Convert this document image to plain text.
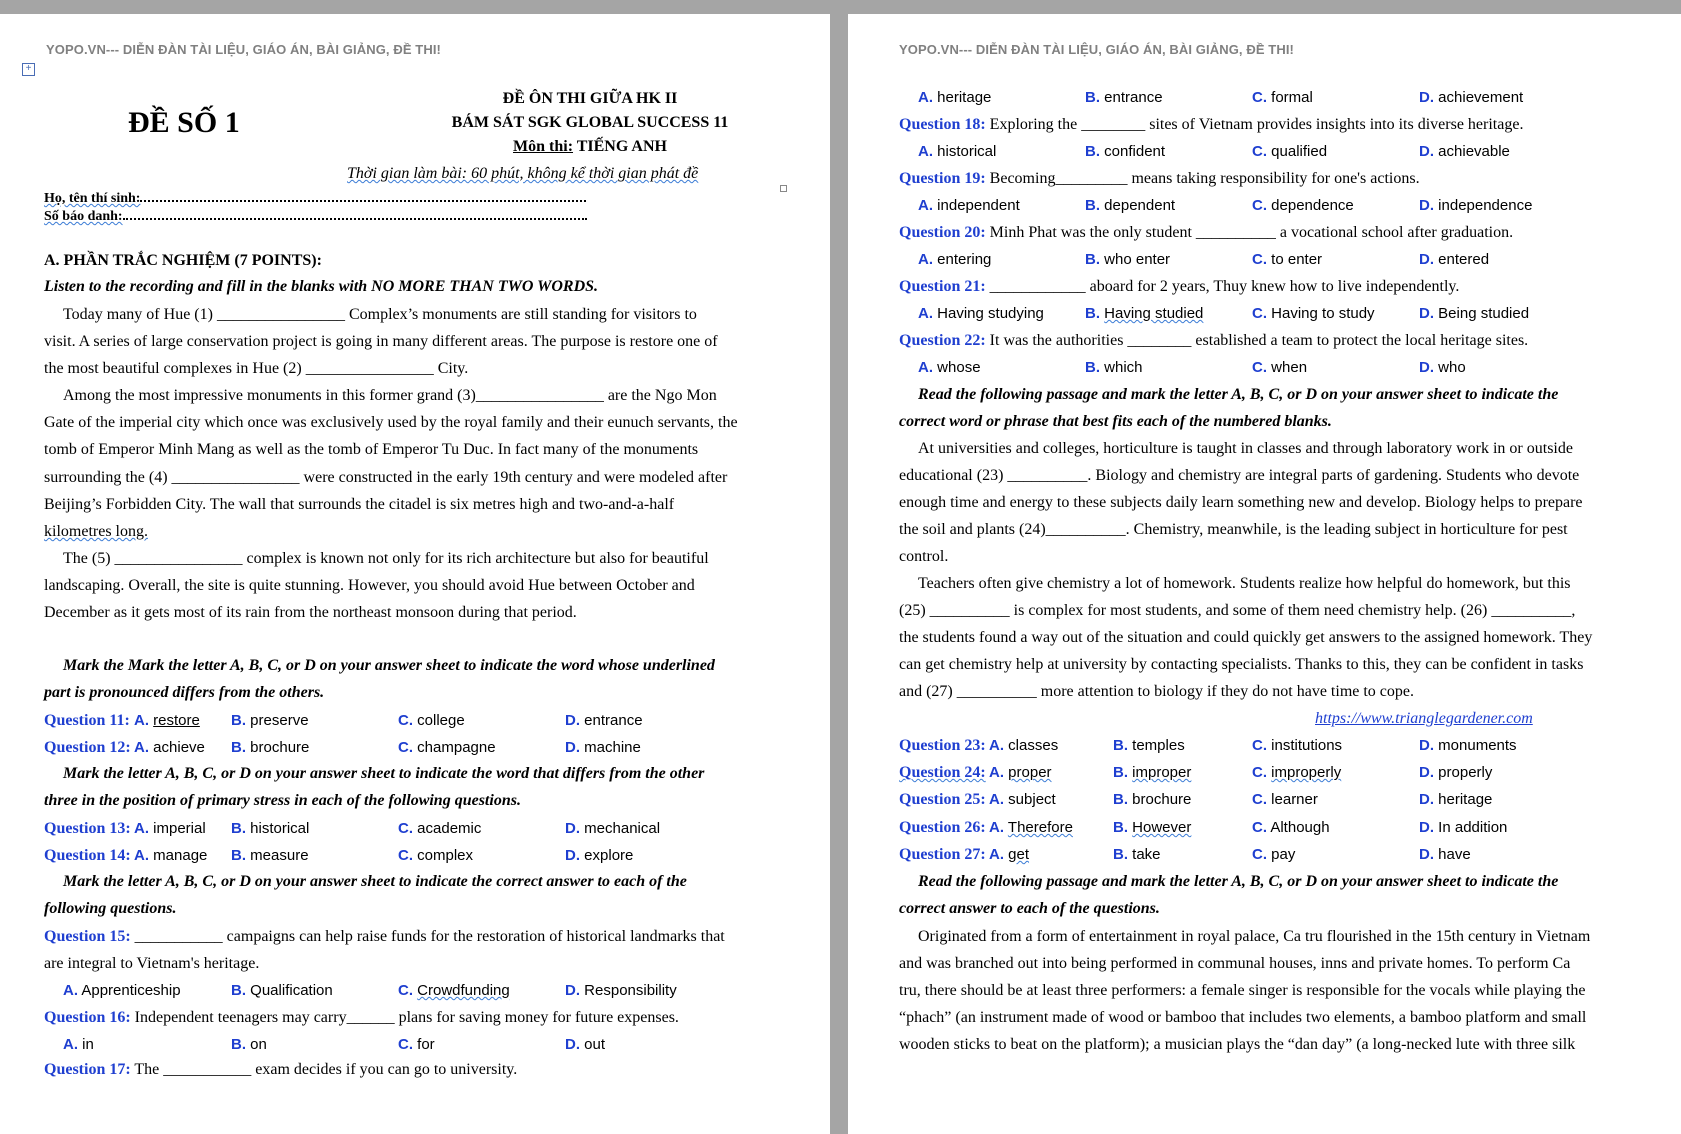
YOPO.VN--- DIỄN ĐÀN TÀI LIỆU, GIÁO ÁN, BÀI GIẢNG, ĐỀ THI!
+
ĐỀ SỐ 1
ĐỀ ÔN THI GIỮA HK II
BÁM SÁT SGK GLOBAL SUCCESS 11
Môn thi: TIẾNG ANH
Thời gian làm bài: 60 phút, không kể thời gian phát đề
Họ, tên thí sinh:
Số báo danh:
A. PHẦN TRẮC NGHIỆM (7 POINTS):
Listen to the recording and fill in the blanks with NO MORE THAN TWO WORDS.
Today many of Hue (1) ________________ Complex’s monuments are still standing for visitors to
visit. A series of large conservation project is going in many different areas. The purpose is restore one of
the most beautiful complexes in Hue (2) ________________ City.
Among the most impressive monuments in this former grand (3)________________ are the Ngo Mon
Gate of the imperial city which once was exclusively used by the royal family and their eunuch servants, the
tomb of Emperor Minh Mang as well as the tomb of Emperor Tu Duc. In fact many of the monuments
surrounding the (4) ________________ were constructed in the early 19th century and were modeled after
Beijing’s Forbidden City. The wall that surrounds the citadel is six metres high and two-and-a-half
kilometres long.
The (5) ________________ complex is known not only for its rich architecture but also for beautiful
landscaping. Overall, the site is quite stunning. However, you should avoid Hue between October and
December as it gets most of its rain from the northeast monsoon during that period.
Mark the Mark the letter A, B, C, or D on your answer sheet to indicate the word whose underlined
part is pronounced differs from the others.
Question 11: A. restore B. preserve	C. college	D. entrance
Question 12: A. achieve B. brochure	C. champagne	D. machine
Mark the letter A, B, C, or D on your answer sheet to indicate the word that differs from the other
three in the position of primary stress in each of the following questions.
Question 13: A. imperial B. historical	C. academic	D. mechanical
Question 14: A. manage B. measure	C. complex	D. explore
Mark the letter A, B, C, or D on your answer sheet to indicate the correct answer to each of the
following questions.
Question 15: ___________ campaigns can help raise funds for the restoration of historical landmarks that
are integral to Vietnam's heritage.
A. Apprenticeship	B. Qualification	C. Crowdfunding	D. Responsibility
Question 16: Independent teenagers may carry______ plans for saving money for future expenses.
A. in	B. on	C. for	D. out
Question 17: The ___________ exam decides if you can go to university.
YOPO.VN--- DIỄN ĐÀN TÀI LIỆU, GIÁO ÁN, BÀI GIẢNG, ĐỀ THI!
A. heritage	B. entrance	C. formal	D. achievement
Question 18: Exploring the ________ sites of Vietnam provides insights into its diverse heritage.
A. historical	B. confident	C. qualified	D. achievable
Question 19: Becoming_________ means taking responsibility for one's actions.
A. independent	B. dependent	C. dependence	D. independence
Question 20: Minh Phat was the only student __________ a vocational school after graduation.
A. entering	B. who enter	C. to enter	D. entered
Question 21: ____________ aboard for 2 years, Thuy knew how to live independently.
A. Having studying	B. Having studied	C. Having to study	D. Being studied
Question 22: It was the authorities ________ established a team to protect the local heritage sites.
A. whose	B. which	C. when	D. who
Read the following passage and mark the letter A, B, C, or D on your answer sheet to indicate the
correct word or phrase that best fits each of the numbered blanks.
At universities and colleges, horticulture is taught in classes and through laboratory work in or outside
educational (23) __________. Biology and chemistry are integral parts of gardening. Students who devote
enough time and energy to these subjects daily learn something new and develop. Biology helps to prepare
the soil and plants (24)__________. Chemistry, meanwhile, is the leading subject in horticulture for pest
control.
Teachers often give chemistry a lot of homework. Students realize how helpful do homework, but this
(25) __________ is complex for most students, and some of them need chemistry help. (26) __________,
the students found a way out of the situation and could quickly get answers to the assigned homework. They
can get chemistry help at university by contacting specialists. Thanks to this, they can be confident in tasks
and (27) __________ more attention to biology if they do not have time to cope.
https://www.trianglegardener.com
Question 23: A. classes	B. temples	C. institutions	D. monuments
Question 24: A. proper	B. improper	C. improperly	D. properly
Question 25: A. subject	B. brochure	C. learner	D. heritage
Question 26: A. Therefore	B. However	C. Although	D. In addition
Question 27: A. get	B. take	C. pay	D. have
Read the following passage and mark the letter A, B, C, or D on your answer sheet to indicate the
correct answer to each of the questions.
Originated from a form of entertainment in royal palace, Ca tru flourished in the 15th century in Vietnam
and was branched out into being performed in communal houses, inns and private homes. To perform Ca
tru, there should be at least three performers: a female singer is responsible for the vocals while playing the
“phach” (an instrument made of wood or bamboo that includes two elements, a bamboo platform and small
wooden sticks to beat on the platform); a musician plays the “dan day” (a long-necked lute with three silk
